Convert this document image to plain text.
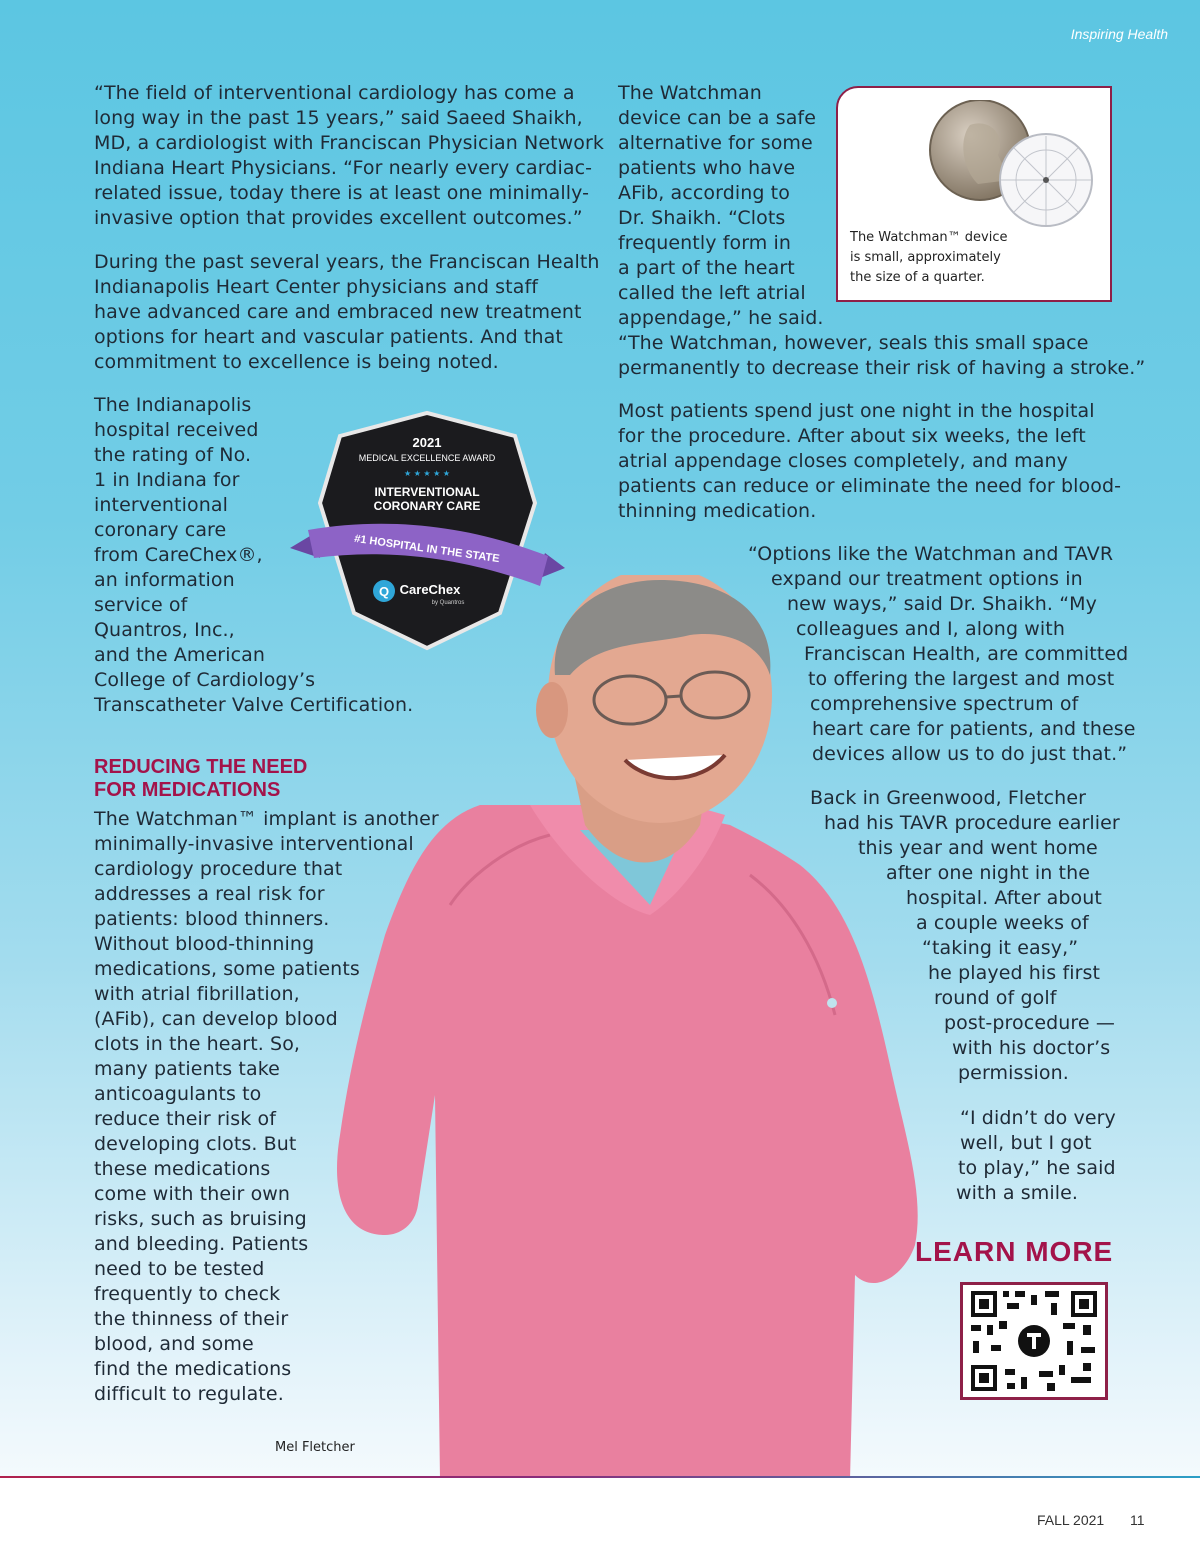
Inspiring Health
“The field of interventional cardiology has come a
long way in the past 15 years,” said Saeed Shaikh,
MD, a cardiologist with Franciscan Physician Network
Indiana Heart Physicians. “For nearly every cardiac-
related issue, today there is at least one minimally-
invasive option that provides excellent outcomes.”
During the past several years, the Franciscan Health
Indianapolis Heart Center physicians and staff
have advanced care and embraced new treatment
options for heart and vascular patients. And that
commitment to excellence is being noted.
The Indianapolis
hospital received
the rating of No.
1 in Indiana for
interventional
coronary care
from CareChex®,
an information
service of
Quantros, Inc.,
and the American
College of Cardiology’s
Transcatheter Valve Certification.
REDUCING THE NEED
FOR MEDICATIONS
The Watchman™ implant is another
minimally-invasive interventional
cardiology procedure that
addresses a real risk for
patients: blood thinners.
Without blood-thinning
medications, some patients
with atrial fibrillation,
(AFib), can develop blood
clots in the heart. So,
many patients take
anticoagulants to
reduce their risk of
developing clots. But
these medications
come with their own
risks, such as bruising
and bleeding. Patients
need to be tested
frequently to check
the thinness of their
blood, and some
find the medications
difficult to regulate.
2021
MEDICAL EXCELLENCE AWARD
★ ★ ★ ★ ★
INTERVENTIONAL
CORONARY CARE
#1 HOSPITAL IN THE STATE
Q CareChex
by Quantros
The Watchman
device can be a safe
alternative for some
patients who have
AFib, according to
Dr. Shaikh. “Clots
frequently form in
a part of the heart
called the left atrial
appendage,” he said.
“The Watchman, however, seals this small space
permanently to decrease their risk of having a stroke.”
The Watchman™ device
is small, approximately
the size of a quarter.
Most patients spend just one night in the hospital
for the procedure. After about six weeks, the left
atrial appendage closes completely, and many
patients can reduce or eliminate the need for blood-
thinning medication.
“Options like the Watchman and TAVR
expand our treatment options in
new ways,” said Dr. Shaikh. “My
colleagues and I, along with
Franciscan Health, are committed
to offering the largest and most
comprehensive spectrum of
heart care for patients, and these
devices allow us to do just that.”
Back in Greenwood, Fletcher
had his TAVR procedure earlier
this year and went home
after one night in the
hospital. After about
a couple weeks of
“taking it easy,”
he played his first
round of golf
post-procedure —
with his doctor’s
permission.
“I didn’t do very
well, but I got
to play,” he said
with a smile.
LEARN MORE
Mel Fletcher
FALL 2021 11
